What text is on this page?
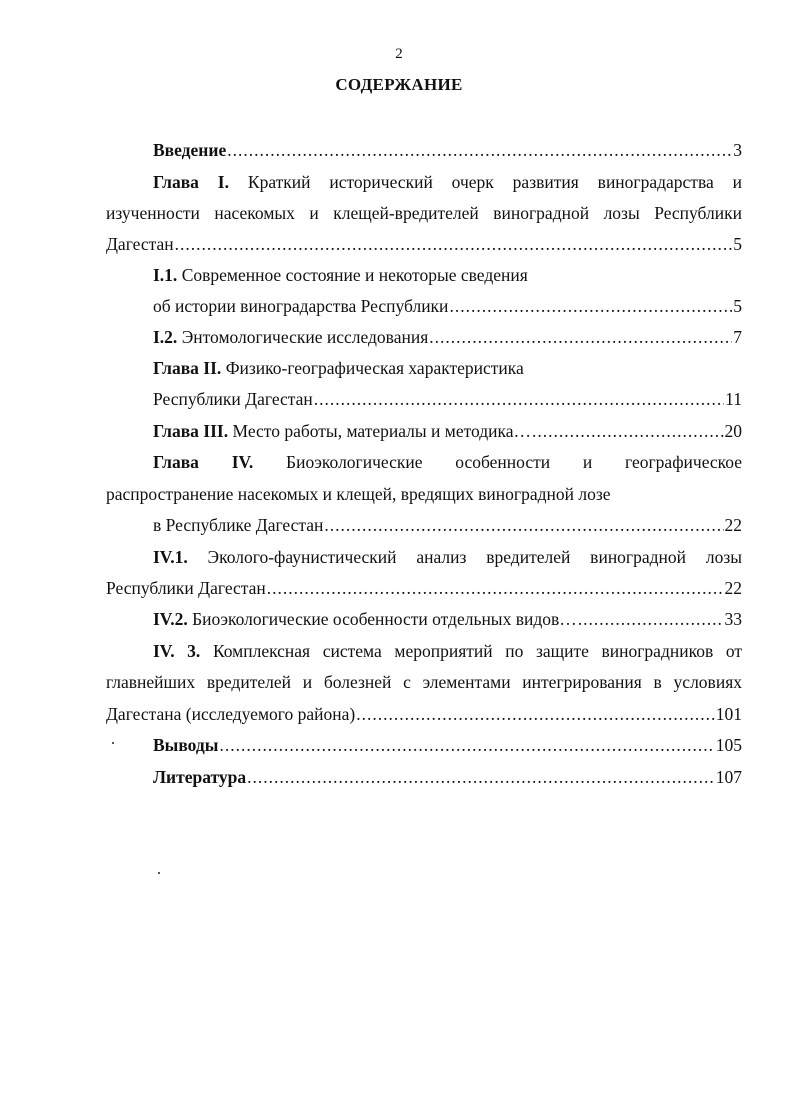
2
СОДЕРЖАНИЕ
Введение .....	3
Глава I. Краткий исторический очерк развития виноградарства и
изученности насекомых и клещей-вредителей виноградной лозы Республики
Дагестан .....	5
I.1.
Современное состояние и некоторые сведения
об истории виноградарства Республики .....	5
I.2.
Энтомологические исследования .....	7
Глава II.
Физико-географическая характеристика
Республики Дагестан .....	11
Глава III.
Место работы, материалы и методика… .....	20
Глава IV. Биоэкологические особенности и географическое
распространение насекомых и клещей, вредящих виноградной лозе
в Республике Дагестан .....	22
IV.1. Эколого-фаунистический анализ вредителей виноградной лозы
Республики Дагестан .....	22
IV.2.
Биоэкологические особенности отдельных видов… .....	33
IV. 3. Комплексная система мероприятий по защите виноградников от
главнейших вредителей и болезней с элементами интегрирования в условиях
Дагестана (исследуемого района) .....	101
Выводы .....	105
Литература .....	107
